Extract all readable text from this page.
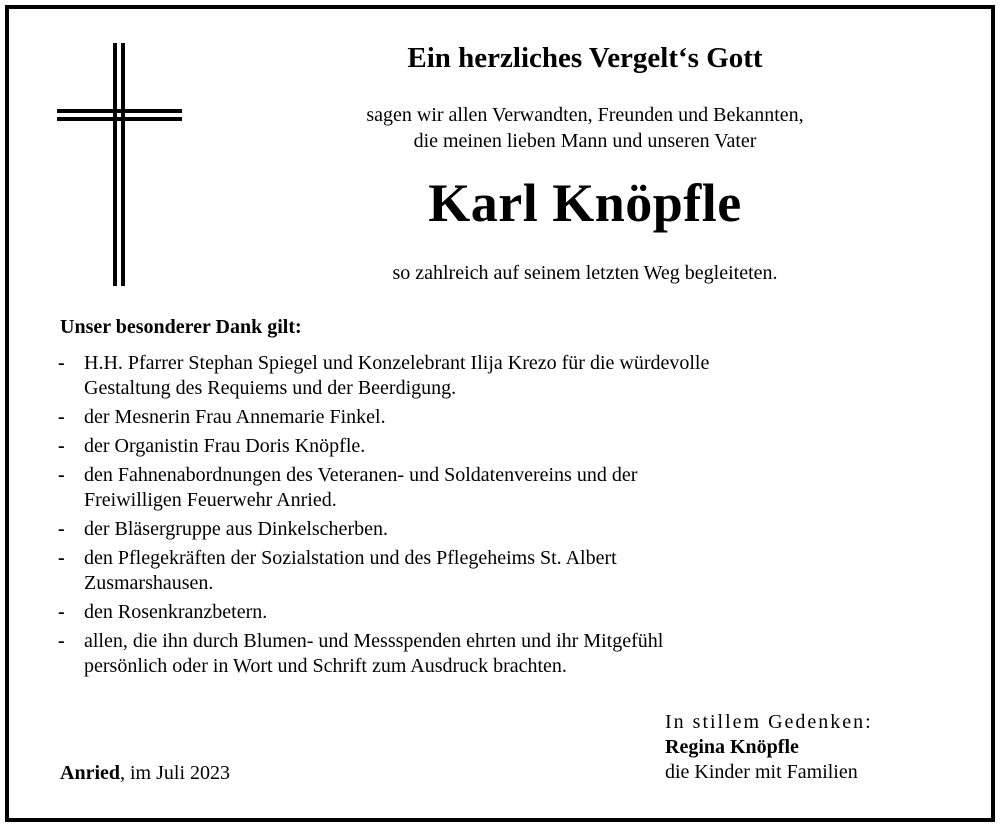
Ein herzliches Vergelt‘s Gott
sagen wir allen Verwandten, Freunden und Bekannten,
die meinen lieben Mann und unseren Vater
Karl Knöpfle
so zahlreich auf seinem letzten Weg begleiteten.
Unser besonderer Dank gilt:
- H.H. Pfarrer Stephan Spiegel und Konzelebrant Ilija Krezo für die würdevolle
Gestaltung des Requiems und der Beerdigung.
- der Mesnerin Frau Annemarie Finkel.
- der Organistin Frau Doris Knöpfle.
- den Fahnenabordnungen des Veteranen- und Soldatenvereins und der
Freiwilligen Feuerwehr Anried.
- der Bläsergruppe aus Dinkelscherben.
- den Pflegekräften der Sozialstation und des Pflegeheims St. Albert
Zusmarshausen.
- den Rosenkranzbetern.
- allen, die ihn durch Blumen- und Messspenden ehrten und ihr Mitgefühl
persönlich oder in Wort und Schrift zum Ausdruck brachten.
In stillem Gedenken:
Regina Knöpfle
die Kinder mit Familien
Anried, im Juli 2023
